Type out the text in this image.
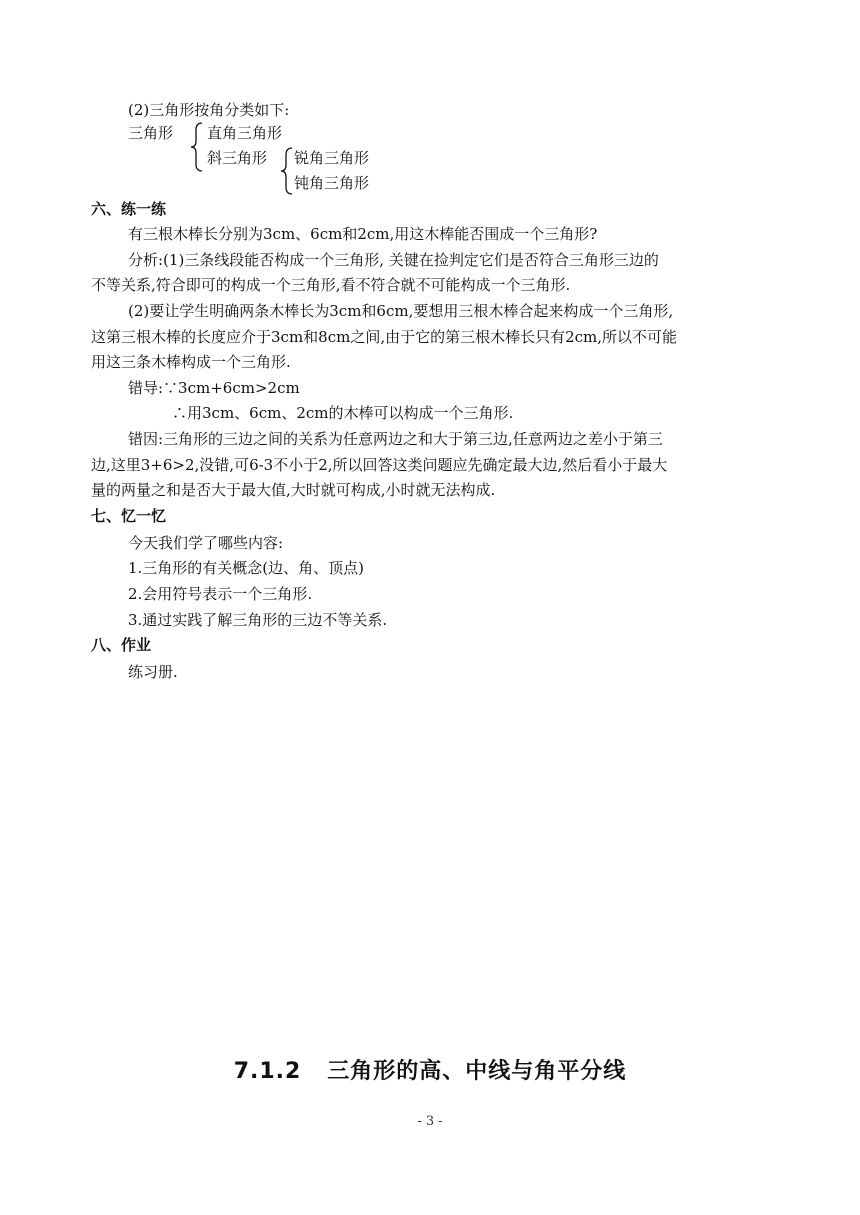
(2)三角形按角分类如下:
三角形 直角三角形
斜三角形 锐角三角形
钝角三角形
六、练一练
有三根木棒长分别为3cm、6cm和2cm,用这木棒能否围成一个三角形?
分析:(1)三条线段能否构成一个三角形, 关键在捡判定它们是否符合三角形三边的
不等关系,符合即可的构成一个三角形,看不符合就不可能构成一个三角形.
(2)要让学生明确两条木棒长为3cm和6cm,要想用三根木棒合起来构成一个三角形,
这第三根木棒的长度应介于3cm和8cm之间,由于它的第三根木棒长只有2cm,所以不可能
用这三条木棒构成一个三角形.
错导:∵3cm+6cm>2cm
∴用3cm、6cm、2cm的木棒可以构成一个三角形.
错因:三角形的三边之间的关系为任意两边之和大于第三边,任意两边之差小于第三
边,这里3+6>2,没错,可6-3不小于2,所以回答这类问题应先确定最大边,然后看小于最大
量的两量之和是否大于最大值,大时就可构成,小时就无法构成.
七、忆一忆
今天我们学了哪些内容:
1.三角形的有关概念(边、角、顶点)
2.会用符号表示一个三角形.
3.通过实践了解三角形的三边不等关系.
八、作业
练习册.
7.1.2   三角形的高、中线与角平分线
- 3 -
